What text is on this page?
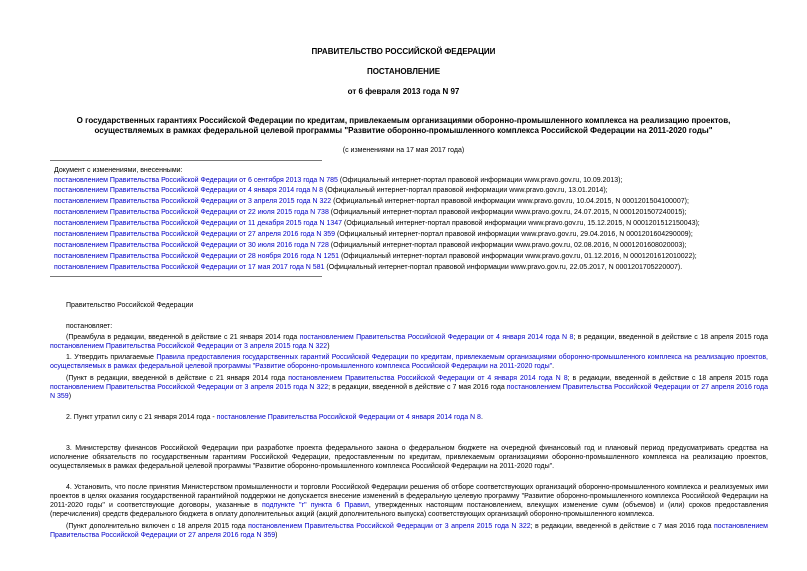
ПРАВИТЕЛЬСТВО РОССИЙСКОЙ ФЕДЕРАЦИИ
ПОСТАНОВЛЕНИЕ
от 6 февраля 2013 года N 97
О государственных гарантиях Российской Федерации по кредитам, привлекаемым организациями оборонно-промышленного комплекса на реализацию проектов,
осуществляемых в рамках федеральной целевой программы "Развитие оборонно-промышленного комплекса Российской Федерации на 2011-2020 годы"
(с изменениями на 17 мая 2017 года)
Документ с изменениями, внесенными:
постановлением Правительства Российской Федерации от 6 сентября 2013 года N 785 (Официальный интернет-портал правовой информации www.pravo.gov.ru, 10.09.2013);
постановлением Правительства Российской Федерации от 4 января 2014 года N 8 (Официальный интернет-портал правовой информации www.pravo.gov.ru, 13.01.2014);
постановлением Правительства Российской Федерации от 3 апреля 2015 года N 322 (Официальный интернет-портал правовой информации www.pravo.gov.ru, 10.04.2015, N 0001201504100007);
постановлением Правительства Российской Федерации от 22 июля 2015 года N 738 (Официальный интернет-портал правовой информации www.pravo.gov.ru, 24.07.2015, N 0001201507240015);
постановлением Правительства Российской Федерации от 11 декабря 2015 года N 1347 (Официальный интернет-портал правовой информации www.pravo.gov.ru, 15.12.2015, N 0001201512150043);
постановлением Правительства Российской Федерации от 27 апреля 2016 года N 359 (Официальный интернет-портал правовой информации www.pravo.gov.ru, 29.04.2016, N 0001201604290009);
постановлением Правительства Российской Федерации от 30 июля 2016 года N 728 (Официальный интернет-портал правовой информации www.pravo.gov.ru, 02.08.2016, N 0001201608020003);
постановлением Правительства Российской Федерации от 28 ноября 2016 года N 1251 (Официальный интернет-портал правовой информации www.pravo.gov.ru, 01.12.2016, N 0001201612010022);
постановлением Правительства Российской Федерации от 17 мая 2017 года N 581 (Официальный интернет-портал правовой информации www.pravo.gov.ru, 22.05.2017, N 0001201705220007).
Правительство Российской Федерации
постановляет:
(Преамбула в редакции, введенной в действие с 21 января 2014 года постановлением Правительства Российской Федерации от 4 января 2014 года N 8; в редакции, введенной в действие с 18 апреля 2015 года постановлением Правительства Российской Федерации от 3 апреля 2015 года N 322)
1. Утвердить прилагаемые Правила предоставления государственных гарантий Российской Федерации по кредитам, привлекаемым организациями оборонно-промышленного комплекса на реализацию проектов, осуществляемых в рамках федеральной целевой программы "Развитие оборонно-промышленного комплекса Российской Федерации на 2011-2020 годы".
(Пункт в редакции, введенной в действие с 21 января 2014 года постановлением Правительства Российской Федерации от 4 января 2014 года N 8; в редакции, введенной в действие с 18 апреля 2015 года постановлением Правительства Российской Федерации от 3 апреля 2015 года N 322; в редакции, введенной в действие с 7 мая 2016 года постановлением Правительства Российской Федерации от 27 апреля 2016 года N 359)
2. Пункт утратил силу с 21 января 2014 года - постановление Правительства Российской Федерации от 4 января 2014 года N 8.
3. Министерству финансов Российской Федерации при разработке проекта федерального закона о федеральном бюджете на очередной финансовый год и плановый период предусматривать средства на исполнение обязательств по государственным гарантиям Российской Федерации, предоставленным по кредитам, привлекаемым организациями оборонно-промышленного комплекса на реализацию проектов, осуществляемых в рамках федеральной целевой программы "Развитие оборонно-промышленного комплекса Российской Федерации на 2011-2020 годы".
4. Установить, что после принятия Министерством промышленности и торговли Российской Федерации решения об отборе соответствующих организаций оборонно-промышленного комплекса и реализуемых ими проектов в целях оказания государственной гарантийной поддержки не допускается внесение изменений в федеральную целевую программу "Развитие оборонно-промышленного комплекса Российской Федерации на 2011-2020 годы" и соответствующие договоры, указанные в подпункте "г" пункта 6 Правил, утвержденных настоящим постановлением, влекущих изменение сумм (объемов) и (или) сроков предоставления (перечисления) средств федерального бюджета в оплату дополнительных акций (акций дополнительного выпуска) соответствующих организаций оборонно-промышленного комплекса.
(Пункт дополнительно включен с 18 апреля 2015 года постановлением Правительства Российской Федерации от 3 апреля 2015 года N 322; в редакции, введенной в действие с 7 мая 2016 года постановлением Правительства Российской Федерации от 27 апреля 2016 года N 359)
